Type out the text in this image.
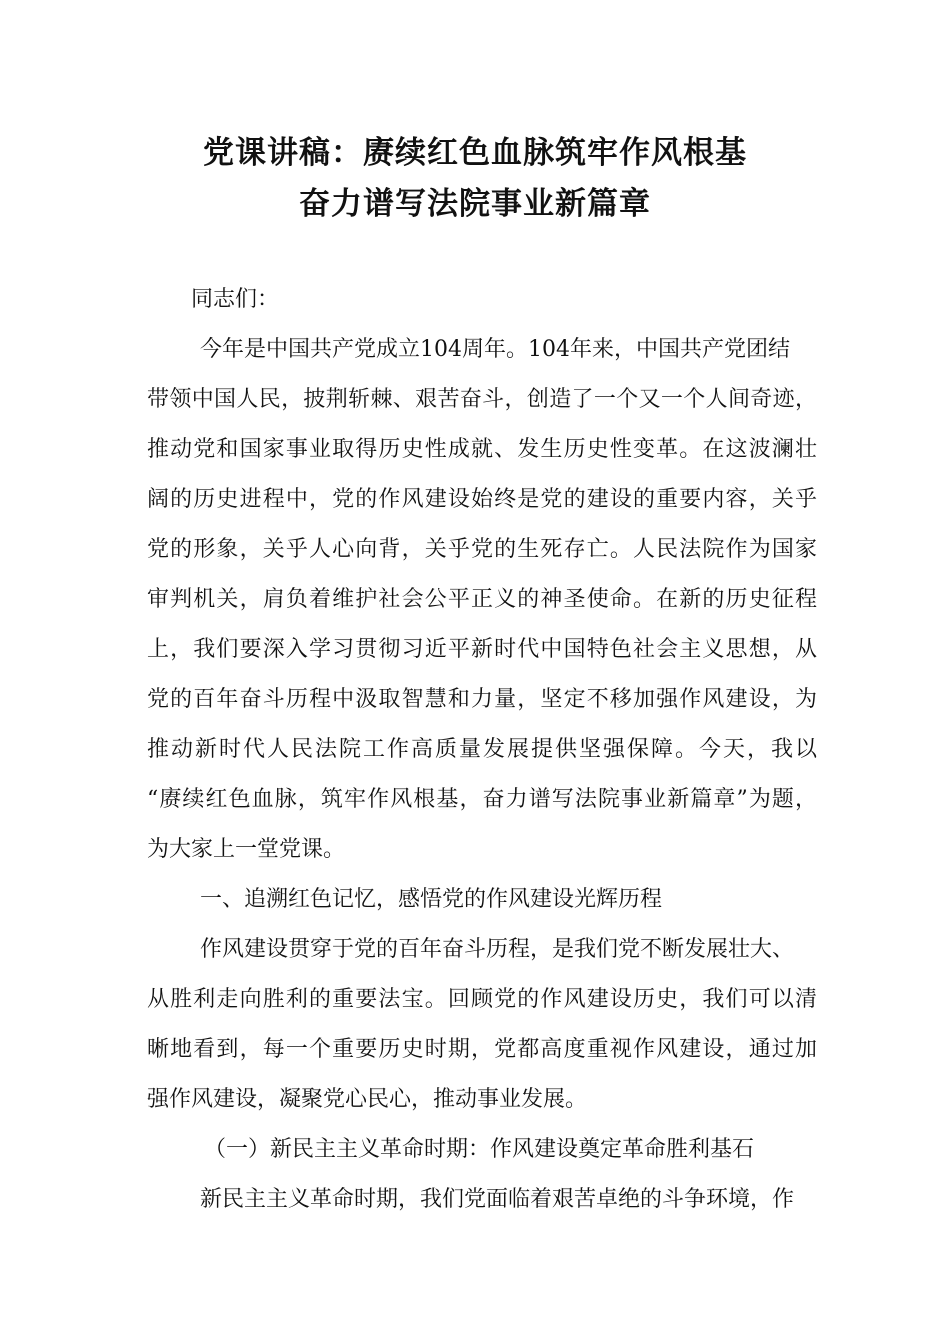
党课讲稿：赓续红色血脉筑牢作风根基
奋力谱写法院事业新篇章
同志们：
今年是中国共产党成立104周年。104年来，中国共产党团结
带领中国人民，披荆斩棘、艰苦奋斗，创造了一个又一个人间奇迹，
推动党和国家事业取得历史性成就、发生历史性变革。在这波澜壮
阔的历史进程中，党的作风建设始终是党的建设的重要内容，关乎
党的形象，关乎人心向背，关乎党的生死存亡。人民法院作为国家
审判机关，肩负着维护社会公平正义的神圣使命。在新的历史征程
上，我们要深入学习贯彻习近平新时代中国特色社会主义思想，从
党的百年奋斗历程中汲取智慧和力量，坚定不移加强作风建设，为
推动新时代人民法院工作高质量发展提供坚强保障。今天，我以
“赓续红色血脉，筑牢作风根基，奋力谱写法院事业新篇章”为题，
为大家上一堂党课。
一、追溯红色记忆，感悟党的作风建设光辉历程
作风建设贯穿于党的百年奋斗历程，是我们党不断发展壮大、
从胜利走向胜利的重要法宝。回顾党的作风建设历史，我们可以清
晰地看到，每一个重要历史时期，党都高度重视作风建设，通过加
强作风建设，凝聚党心民心，推动事业发展。
（一）新民主主义革命时期：作风建设奠定革命胜利基石
新民主主义革命时期，我们党面临着艰苦卓绝的斗争环境，作
